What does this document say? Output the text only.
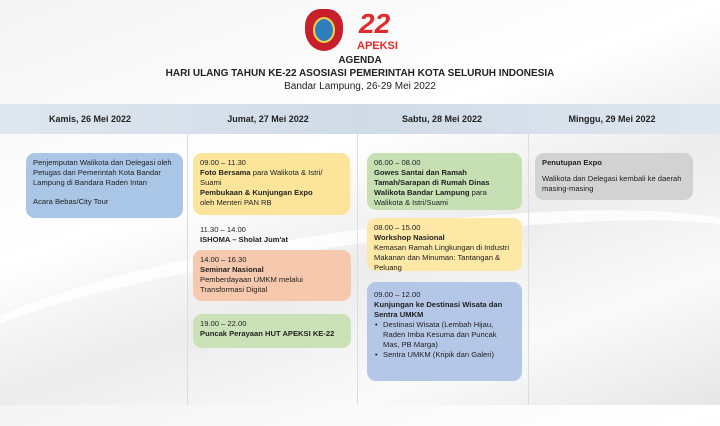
22
APEKSI
AGENDA
HARI ULANG TAHUN KE-22 ASOSIASI PEMERINTAH KOTA SELURUH INDONESIA
Bandar Lampung, 26-29 Mei 2022
Kamis, 26 Mei 2022	Jumat, 27 Mei 2022	Sabtu, 28 Mei 2022	Minggu, 29 Mei 2022
Penjemputan Walikota dan Delegasi oleh Petugas dari Pemerintah Kota Bandar Lampung di Bandara Raden Intan
Acara Bebas/City Tour
09.00 – 11.30
Foto Bersama para Walikota & Istri/ Suami
Pembukaan & Kunjungan Expo
oleh Menteri PAN RB
11.30 – 14.00
ISHOMA – Sholat Jum'at
14.00 – 16.30
Seminar Nasional
Pemberdayaan UMKM melalui Transformasi Digital
19.00 – 22.00
Puncak Perayaan HUT APEKSI KE-22
06.00 – 08.00
Gowes Santai dan Ramah Tamah/Sarapan di Rumah Dinas Walikota Bandar Lampung para Walikota & Istri/Suami
08.00 – 15.00
Workshop Nasional
Kemasan Ramah Lingkungan di Industri Makanan dan Minuman: Tantangan & Peluang
09.00 – 12.00
Kunjungan ke Destinasi Wisata dan Sentra UMKM
• Destinasi Wisata (Lembah Hijau, Raden Imba Kesuma dan Puncak Mas, PB Marga)
• Sentra UMKM (Kripik dan Galeri)
Penutupan Expo
Walikota dan Delegasi kembali ke daerah masing-masing
